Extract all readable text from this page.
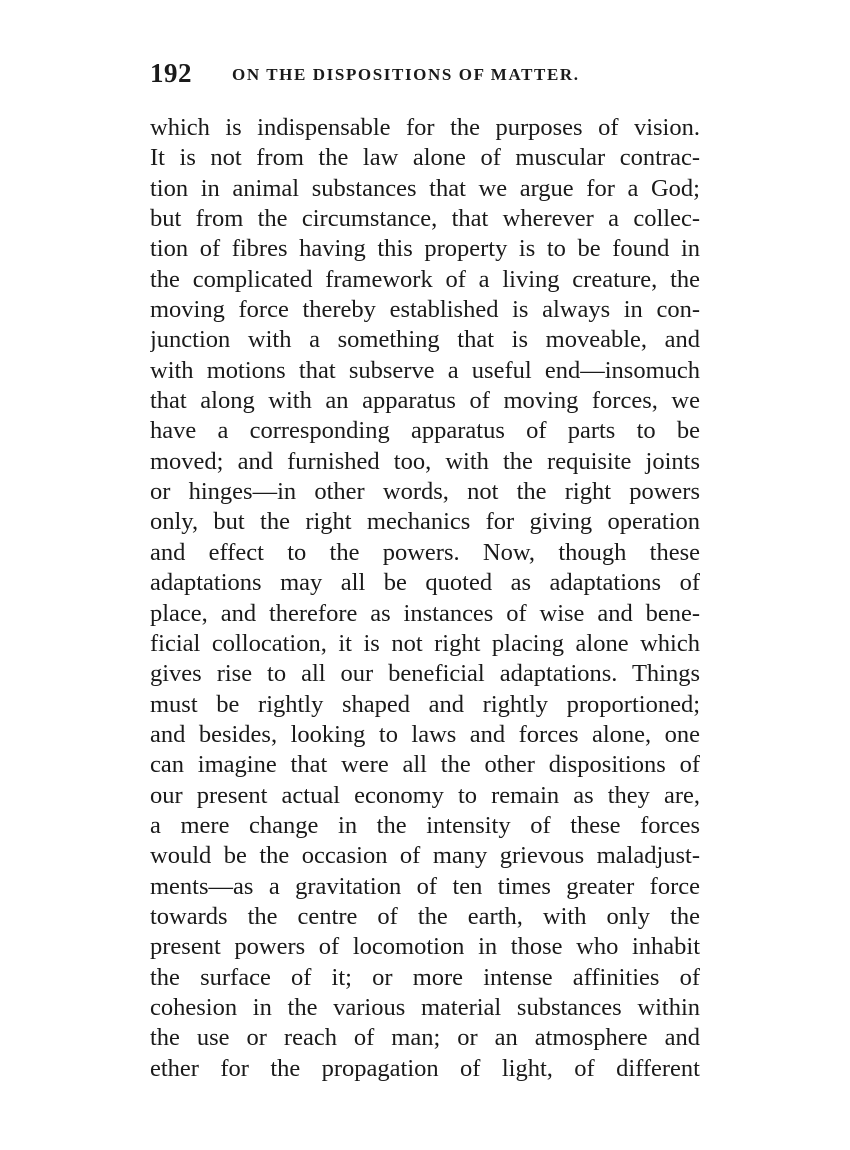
192 ON THE DISPOSITIONS OF MATTER.
which is indispensable for the purposes of vision.
It is not from the law alone of muscular contrac-
tion in animal substances that we argue for a God;
but from the circumstance, that wherever a collec-
tion of fibres having this property is to be found in
the complicated framework of a living creature, the
moving force thereby established is always in con-
junction with a something that is moveable, and
with motions that subserve a useful end—insomuch
that along with an apparatus of moving forces, we
have a corresponding apparatus of parts to be
moved; and furnished too, with the requisite joints
or hinges—in other words, not the right powers
only, but the right mechanics for giving operation
and effect to the powers. Now, though these
adaptations may all be quoted as adaptations of
place, and therefore as instances of wise and bene-
ficial collocation, it is not right placing alone which
gives rise to all our beneficial adaptations. Things
must be rightly shaped and rightly proportioned;
and besides, looking to laws and forces alone, one
can imagine that were all the other dispositions of
our present actual economy to remain as they are,
a mere change in the intensity of these forces
would be the occasion of many grievous maladjust-
ments—as a gravitation of ten times greater force
towards the centre of the earth, with only the
present powers of locomotion in those who inhabit
the surface of it; or more intense affinities of
cohesion in the various material substances within
the use or reach of man; or an atmosphere and
ether for the propagation of light, of different
